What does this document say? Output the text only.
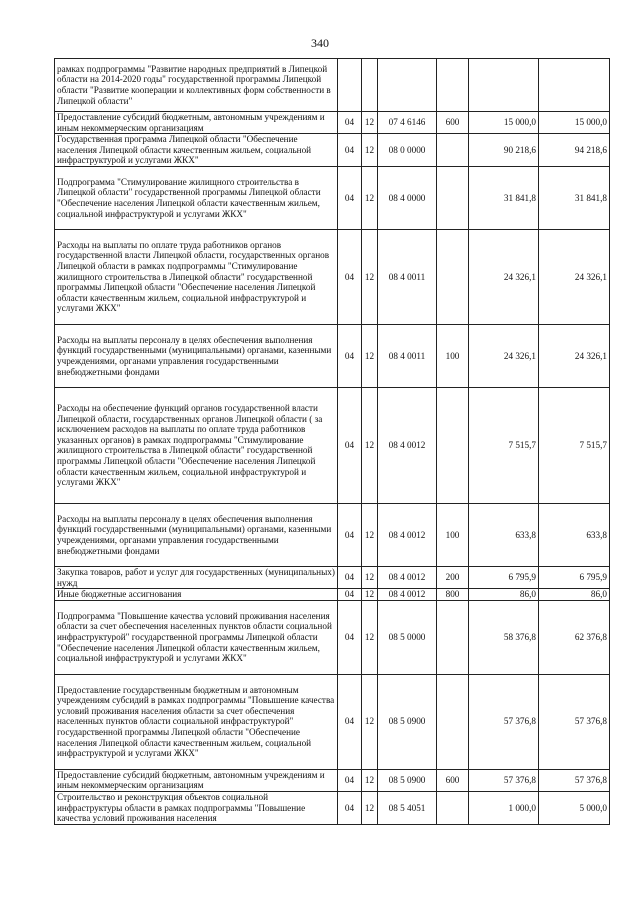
340
рамках подпрограммы "Развитие народных предприятий в Липецкой области на 2014-2020 годы" государственной программы Липецкой области "Развитие кооперации и коллективных форм собственности в Липецкой области"						
Предоставление субсидий бюджетным, автономным учреждениям и иным некоммерческим организациям	04	12	07 4 6146	600	15 000,0	15 000,0
Государственная программа Липецкой области "Обеспечение населения Липецкой области качественным жильем, социальной инфраструктурой и услугами ЖКХ"	04	12	08 0 0000		90 218,6	94 218,6
Подпрограмма "Стимулирование жилищного строительства в Липецкой области" государственной программы Липецкой области "Обеспечение населения Липецкой области качественным жильем, социальной инфраструктурой и услугами ЖКХ"	04	12	08 4 0000		31 841,8	31 841,8
Расходы на выплаты по оплате труда работников органов государственной власти Липецкой области, государственных органов Липецкой области в рамках подпрограммы "Стимулирование жилищного строительства в Липецкой области" государственной программы Липецкой области "Обеспечение населения Липецкой области качественным жильем, социальной инфраструктурой и услугами ЖКХ"	04	12	08 4 0011		24 326,1	24 326,1
Расходы на выплаты персоналу в целях обеспечения выполнения функций государственными (муниципальными) органами, казенными учреждениями, органами управления государственными внебюджетными фондами	04	12	08 4 0011	100	24 326,1	24 326,1
Расходы на обеспечение функций органов государственной власти Липецкой области, государственных органов Липецкой области ( за исключением расходов на выплаты по оплате труда работников указанных органов) в рамках подпрограммы "Стимулирование жилищного строительства в Липецкой области" государственной программы Липецкой области "Обеспечение населения Липецкой области качественным жильем, социальной инфраструктурой и услугами ЖКХ"	04	12	08 4 0012		7 515,7	7 515,7
Расходы на выплаты персоналу в целях обеспечения выполнения функций государственными (муниципальными) органами, казенными учреждениями, органами управления государственными внебюджетными фондами	04	12	08 4 0012	100	633,8	633,8
Закупка товаров, работ и услуг для государственных (муниципальных) нужд	04	12	08 4 0012	200	6 795,9	6 795,9
Иные бюджетные ассигнования	04	12	08 4 0012	800	86,0	86,0
Подпрограмма "Повышение качества условий проживания населения области за счет обеспечения населенных пунктов области социальной инфраструктурой" государственной программы Липецкой области "Обеспечение населения Липецкой области качественным жильем, социальной инфраструктурой и услугами ЖКХ"	04	12	08 5 0000		58 376,8	62 376,8
Предоставление государственным бюджетным и автономным учреждениям субсидий в рамках подпрограммы "Повышение качества условий проживания населения области за счет обеспечения населенных пунктов области социальной инфраструктурой" государственной программы Липецкой области "Обеспечение населения Липецкой области качественным жильем, социальной инфраструктурой и услугами ЖКХ"	04	12	08 5 0900		57 376,8	57 376,8
Предоставление субсидий бюджетным, автономным учреждениям и иным некоммерческим организациям	04	12	08 5 0900	600	57 376,8	57 376,8
Строительство и реконструкция объектов социальной инфраструктуры области в рамках подпрограммы "Повышение качества условий проживания населения	04	12	08 5 4051		1 000,0	5 000,0
